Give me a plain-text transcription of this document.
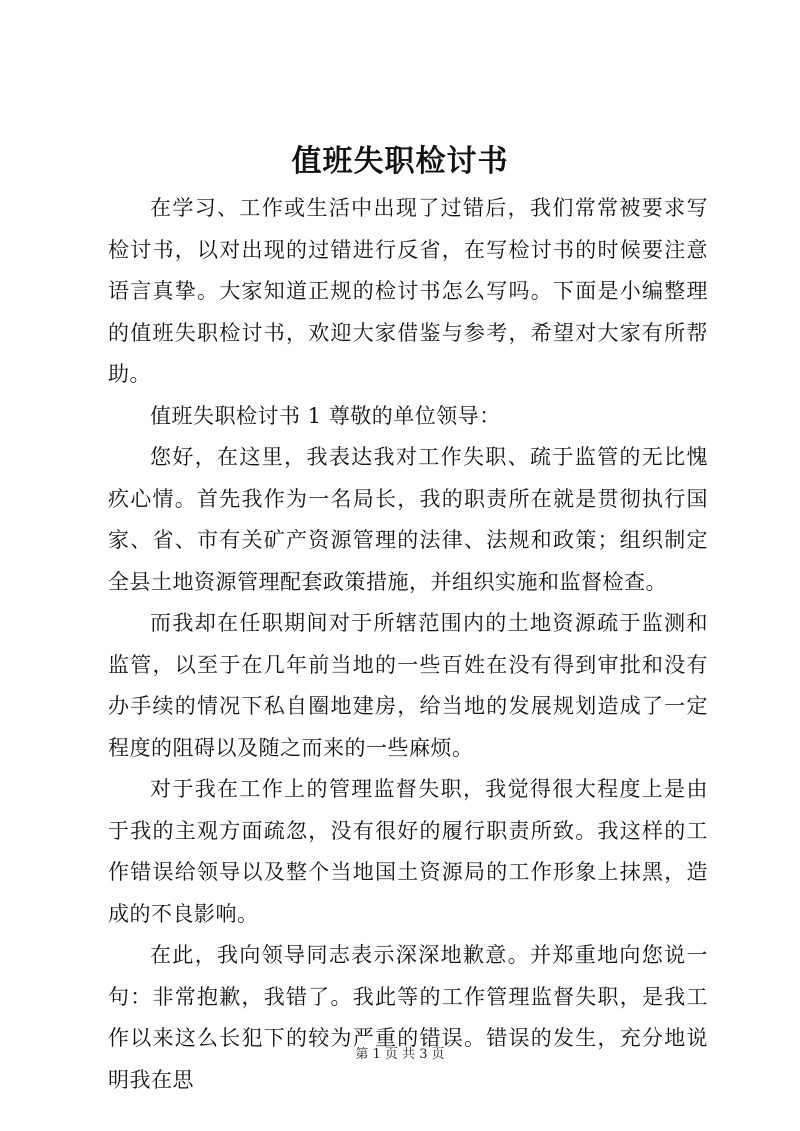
值班失职检讨书

在学习、工作或生活中出现了过错后，我们常常被要求写检讨书，以对出现的过错进行反省，在写检讨书的时候要注意语言真挚。大家知道正规的检讨书怎么写吗。下面是小编整理的值班失职检讨书，欢迎大家借鉴与参考，希望对大家有所帮助。

值班失职检讨书 1 尊敬的单位领导：

您好，在这里，我表达我对工作失职、疏于监管的无比愧疚心情。首先我作为一名局长，我的职责所在就是贯彻执行国家、省、市有关矿产资源管理的法律、法规和政策；组织制定全县土地资源管理配套政策措施，并组织实施和监督检查。

而我却在任职期间对于所辖范围内的土地资源疏于监测和监管，以至于在几年前当地的一些百姓在没有得到审批和没有办手续的情况下私自圈地建房，给当地的发展规划造成了一定程度的阻碍以及随之而来的一些麻烦。

对于我在工作上的管理监督失职，我觉得很大程度上是由于我的主观方面疏忽，没有很好的履行职责所致。我这样的工作错误给领导以及整个当地国土资源局的工作形象上抹黑，造成的不良影响。

在此，我向领导同志表示深深地歉意。并郑重地向您说一句：非常抱歉，我错了。我此等的工作管理监督失职，是我工作以来这么长犯下的较为严重的错误。错误的发生，充分地说明我在思

第 1 页 共 3 页
